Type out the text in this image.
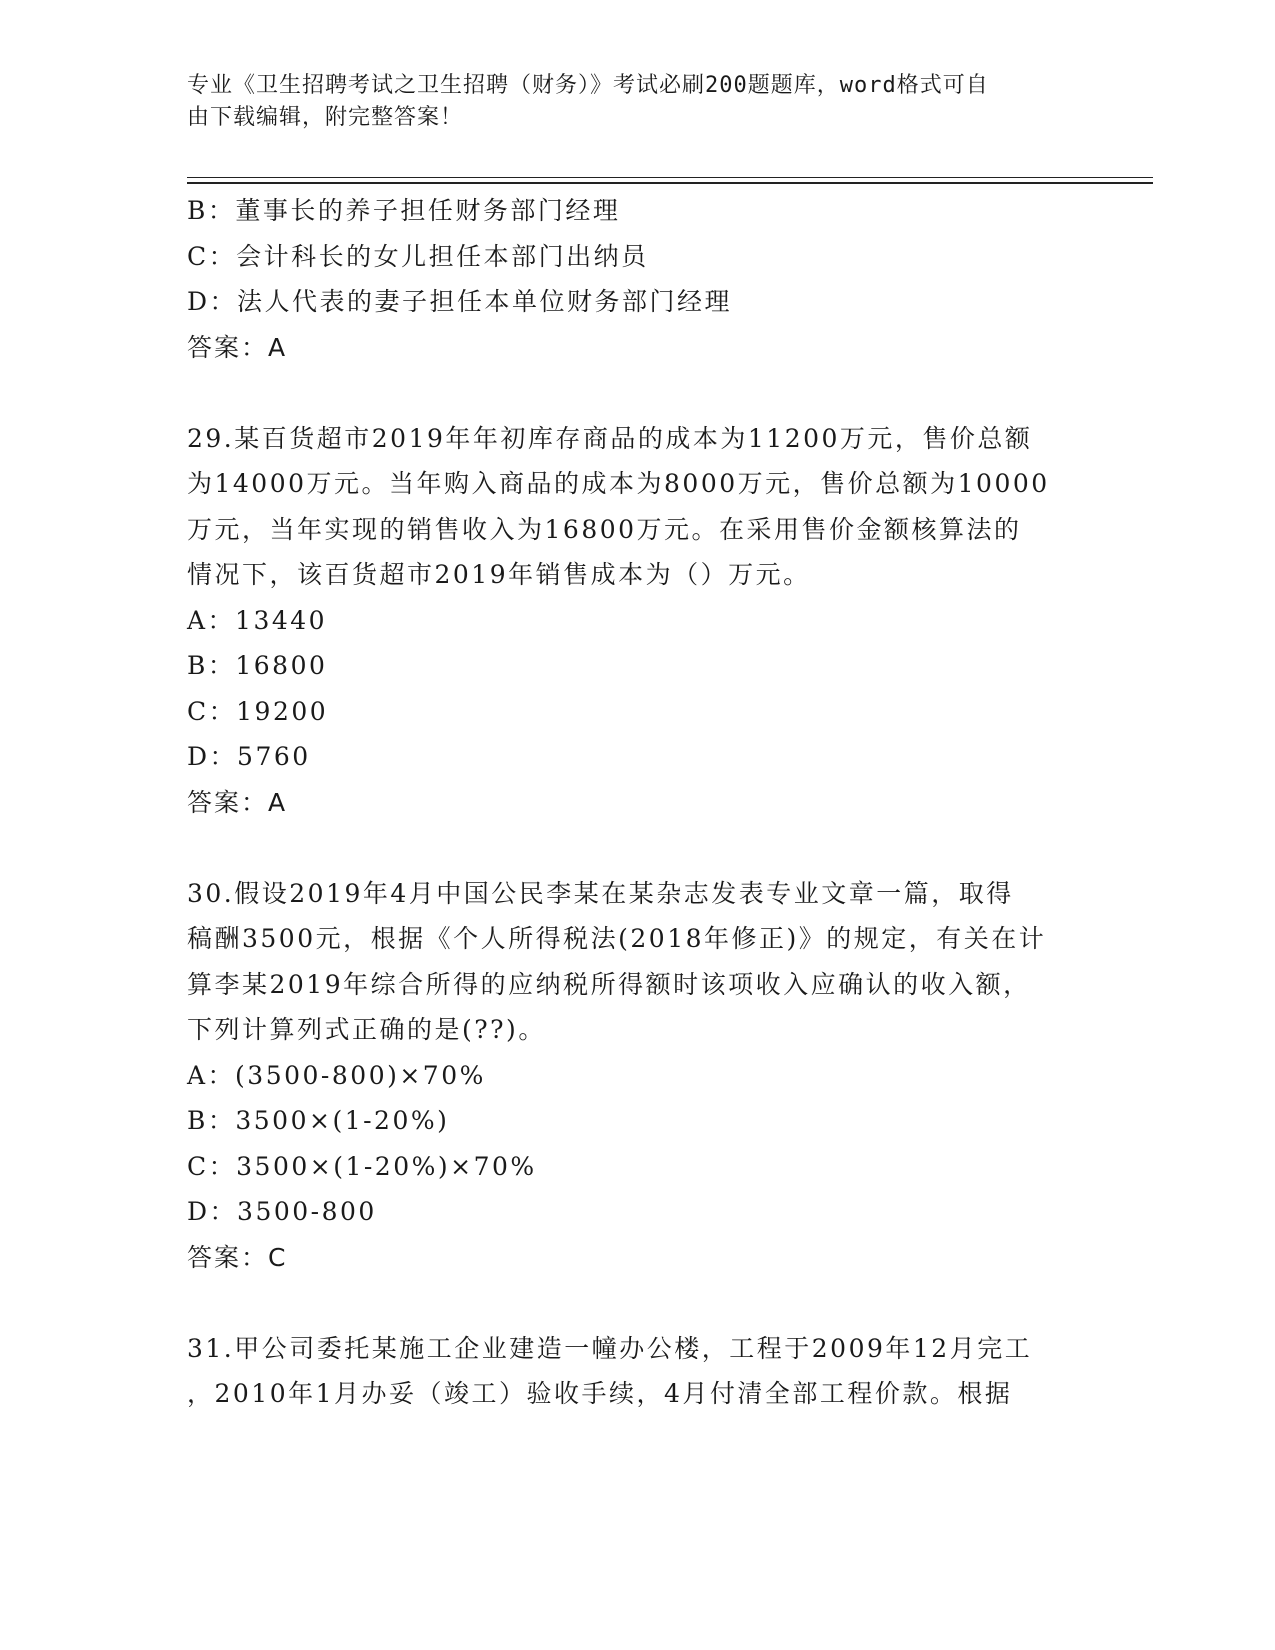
专业《卫生招聘考试之卫生招聘（财务）》考试必刷200题题库，word格式可自
由下载编辑，附完整答案！
B：董事长的养子担任财务部门经理
C：会计科长的女儿担任本部门出纳员
D：法人代表的妻子担任本单位财务部门经理
答案：A
29.某百货超市2019年年初库存商品的成本为11200万元，售价总额
为14000万元。当年购入商品的成本为8000万元，售价总额为10000
万元，当年实现的销售收入为16800万元。在采用售价金额核算法的
情况下，该百货超市2019年销售成本为（）万元。
A：13440
B：16800
C：19200
D：5760
答案：A
30.假设2019年4月中国公民李某在某杂志发表专业文章一篇，取得
稿酬3500元，根据《个人所得税法(2018年修正)》的规定，有关在计
算李某2019年综合所得的应纳税所得额时该项收入应确认的收入额，
下列计算列式正确的是(??)。
A：(3500-800)×70%
B：3500×(1-20%)
C：3500×(1-20%)×70%
D：3500-800
答案：C
31.甲公司委托某施工企业建造一幢办公楼，工程于2009年12月完工
，2010年1月办妥（竣工）验收手续，4月付清全部工程价款。根据
